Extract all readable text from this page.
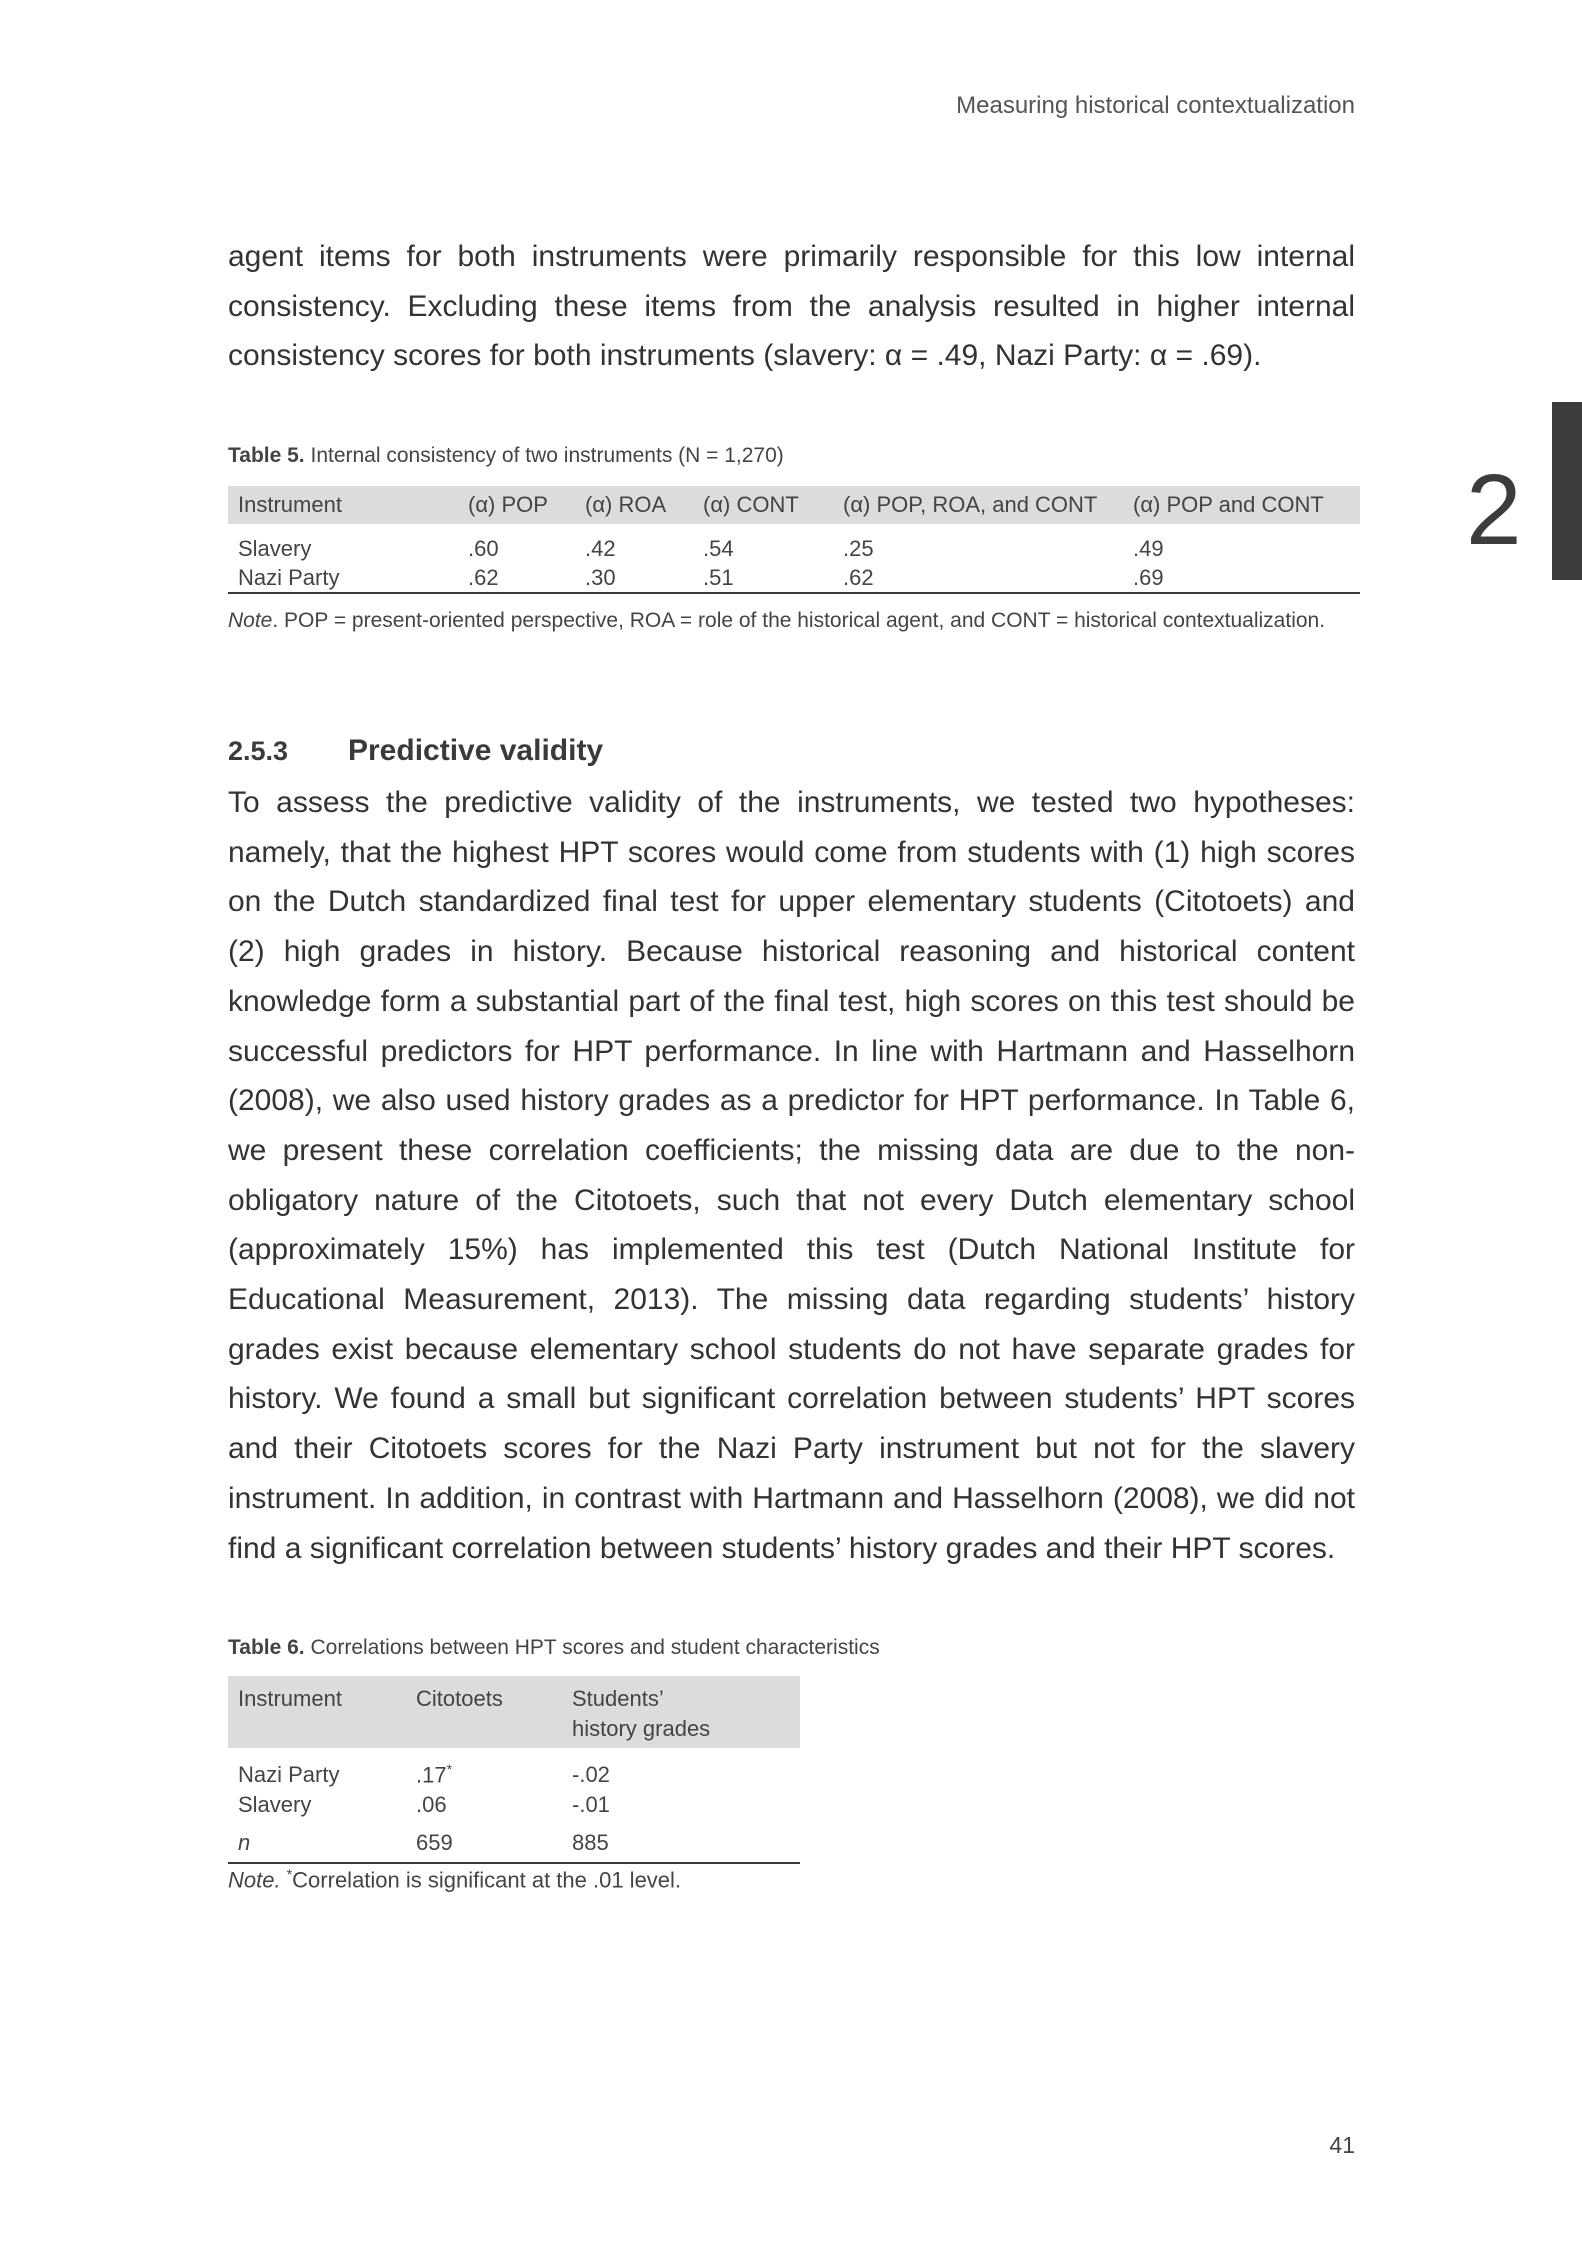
Measuring historical contextualization
2

agent items for both instruments were primarily responsible for this low internal consistency. Excluding these items from the analysis resulted in higher internal consistency scores for both instruments (slavery: α = .49, Nazi Party: α = .69).

Table 5. Internal consistency of two instruments (N = 1,270)
Instrument	(α) POP	(α) ROA	(α) CONT	(α) POP, ROA, and CONT	(α) POP and CONT
Slavery	.60	.42	.54	.25	.49
Nazi Party	.62	.30	.51	.62	.69
Note. POP = present-oriented perspective, ROA = role of the historical agent, and CONT = historical contextualization.
2.5.3 Predictive validity

To assess the predictive validity of the instruments, we tested two hypotheses: namely, that the highest HPT scores would come from students with (1) high scores on the Dutch standardized final test for upper elementary students (Citotoets) and (2) high grades in history. Because historical reasoning and historical content knowledge form a substantial part of the final test, high scores on this test should be successful predictors for HPT performance. In line with Hartmann and Hasselhorn (2008), we also used history grades as a predictor for HPT performance. In Table 6, we present these correlation coefficients; the missing data are due to the non-obligatory nature of the Citotoets, such that not every Dutch elementary school (approximately 15%) has implemented this test (Dutch National Institute for Educational Measurement, 2013). The missing data regarding students’ history grades exist because elementary school students do not have separate grades for history. We found a small but significant correlation between students’ HPT scores and their Citotoets scores for the Nazi Party instrument but not for the slavery instrument. In addition, in contrast with Hartmann and Hasselhorn (2008), we did not find a significant correlation between students’ history grades and their HPT scores.

Table 6. Correlations between HPT scores and student characteristics
Instrument	Citotoets	Students’
history grades
Nazi Party	.17*	-.02
Slavery	.06	-.01
n	659	885
Note. *Correlation is significant at the .01 level.
41
